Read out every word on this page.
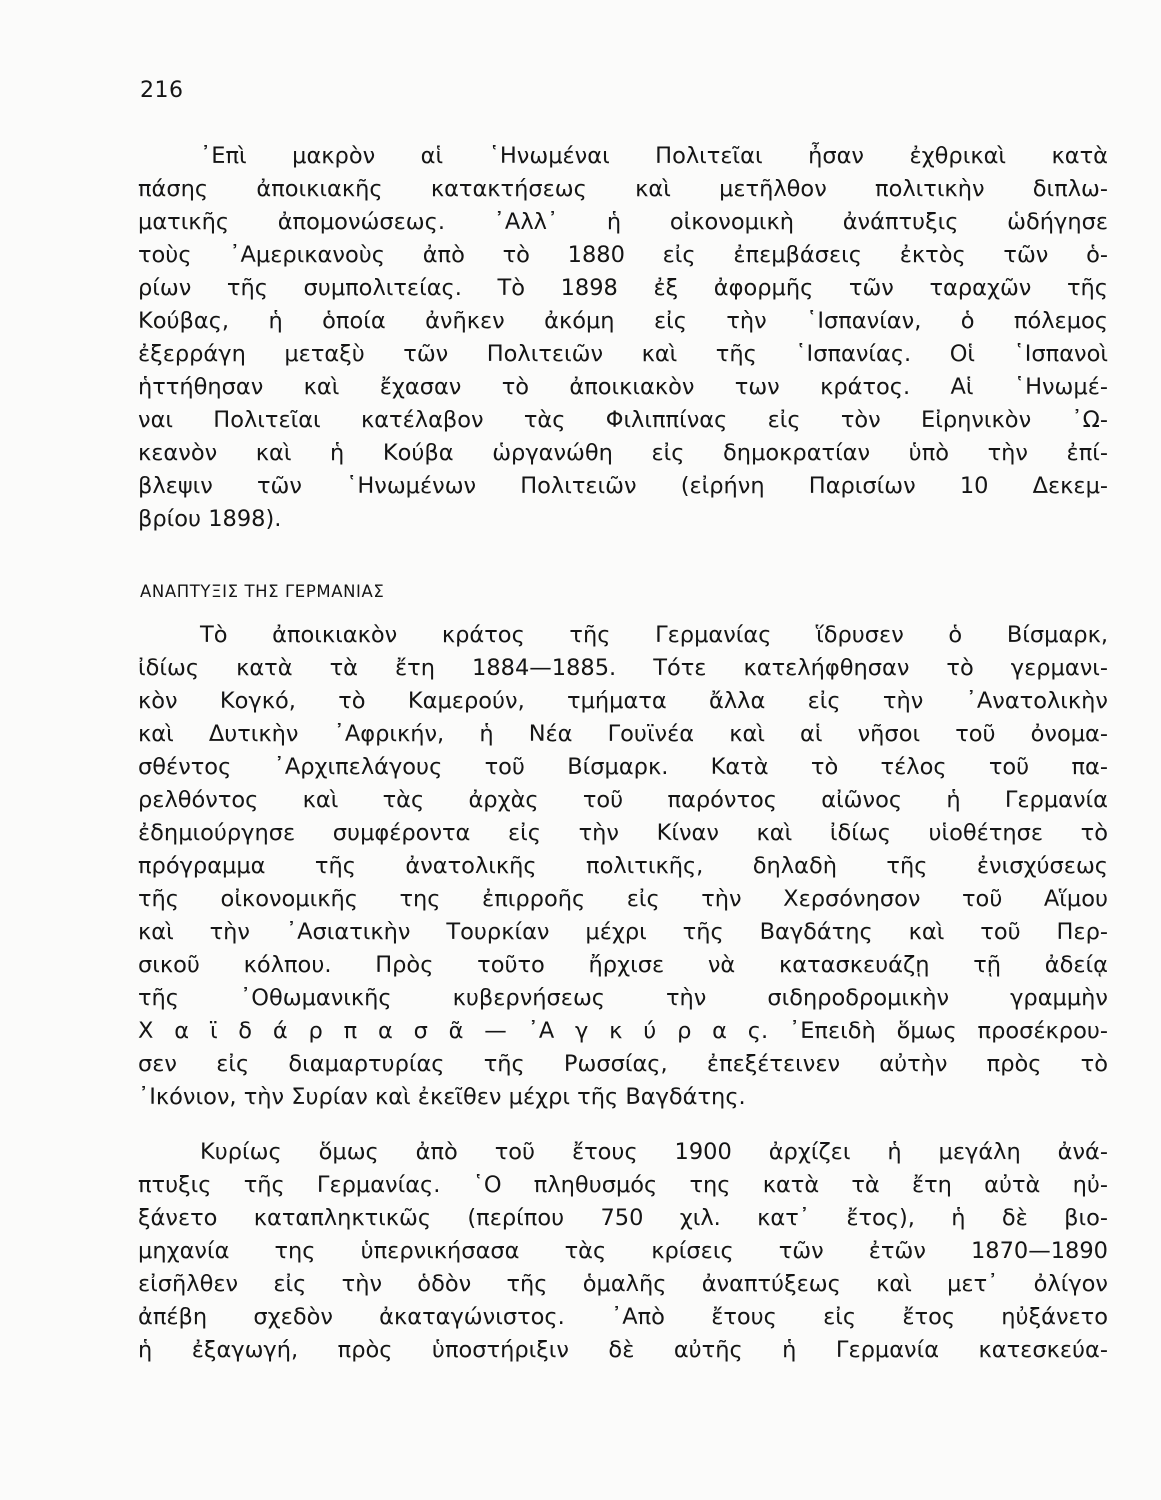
216
᾿Επὶ μακρὸν αἱ ῾Ηνωμέναι Πολιτεῖαι ἦσαν ἐχθρικαὶ κατὰ
πάσης ἀποικιακῆς κατακτήσεως καὶ μετῆλθον πολιτικὴν διπλω-
ματικῆς ἀπομονώσεως. ᾿Αλλ᾿ ἡ οἰκονομικὴ ἀνάπτυξις ὡδήγησε
τοὺς ᾿Αμερικανοὺς ἀπὸ τὸ 1880 εἰς ἐπεμβάσεις ἐκτὸς τῶν ὁ-
ρίων τῆς συμπολιτείας. Τὸ 1898 ἐξ ἀφορμῆς τῶν ταραχῶν τῆς
Κούβας, ἡ ὁποία ἀνῆκεν ἀκόμη εἰς τὴν ῾Ισπανίαν, ὁ πόλεμος
ἐξερράγη μεταξὺ τῶν Πολιτειῶν καὶ τῆς ῾Ισπανίας. Οἱ ῾Ισπανοὶ
ἡττήθησαν καὶ ἔχασαν τὸ ἀποικιακὸν των κράτος. Αἱ ῾Ηνωμέ-
ναι Πολιτεῖαι κατέλαβον τὰς Φιλιππίνας εἰς τὸν Εἰρηνικὸν ᾿Ω-
κεανὸν καὶ ἡ Κούβα ὡργανώθη εἰς δημοκρατίαν ὑπὸ τὴν ἐπί-
βλεψιν τῶν ῾Ηνωμένων Πολιτειῶν (εἰρήνη Παρισίων 10 Δεκεμ-
βρίου 1898).
ΑΝΑΠΤΥΞΙΣ ΤΗΣ ΓΕΡΜΑΝΙΑΣ
Τὸ ἀποικιακὸν κράτος τῆς Γερμανίας ἵδρυσεν ὁ Βίσμαρκ,
ἰδίως κατὰ τὰ ἔτη 1884—1885. Τότε κατελήφθησαν τὸ γερμανι-
κὸν Κογκό, τὸ Καμερούν, τμήματα ἄλλα εἰς τὴν ᾿Ανατολικὴν
καὶ Δυτικὴν ᾿Αφρικήν, ἡ Νέα Γουϊνέα καὶ αἱ νῆσοι τοῦ ὀνομα-
σθέντος ᾿Αρχιπελάγους τοῦ Βίσμαρκ. Κατὰ τὸ τέλος τοῦ πα-
ρελθόντος καὶ τὰς ἀρχὰς τοῦ παρόντος αἰῶνος ἡ Γερμανία
ἐδημιούργησε συμφέροντα εἰς τὴν Κίναν καὶ ἰδίως υἱοθέτησε τὸ
πρόγραμμα τῆς ἀνατολικῆς πολιτικῆς, δηλαδὴ τῆς ἐνισχύσεως
τῆς οἰκονομικῆς της ἐπιρροῆς εἰς τὴν Χερσόνησον τοῦ Αἵμου
καὶ τὴν ᾿Ασιατικὴν Τουρκίαν μέχρι τῆς Βαγδάτης καὶ τοῦ Περ-
σικοῦ κόλπου. Πρὸς τοῦτο ἤρχισε νὰ κατασκευάζῃ τῇ ἀδείᾳ
τῆς ᾿Οθωμανικῆς κυβερνήσεως τὴν σιδηροδρομικὴν γραμμὴν
Χ α ϊ δ ά ρ π α σ ᾶ — ᾿Α γ κ ύ ρ α ς. ᾿Επειδὴ ὅμως προσέκρου-
σεν εἰς διαμαρτυρίας τῆς Ρωσσίας, ἐπεξέτεινεν αὐτὴν πρὸς τὸ
᾿Ικόνιον, τὴν Συρίαν καὶ ἐκεῖθεν μέχρι τῆς Βαγδάτης.
Κυρίως ὅμως ἀπὸ τοῦ ἔτους 1900 ἀρχίζει ἡ μεγάλη ἀνά-
πτυξις τῆς Γερμανίας. ῾Ο πληθυσμός της κατὰ τὰ ἔτη αὐτὰ ηὐ-
ξάνετο καταπληκτικῶς (περίπου 750 χιλ. κατ᾿ ἔτος), ἡ δὲ βιο-
μηχανία της ὑπερνικήσασα τὰς κρίσεις τῶν ἐτῶν 1870—1890
εἰσῆλθεν εἰς τὴν ὁδὸν τῆς ὁμαλῆς ἀναπτύξεως καὶ μετ᾿ ὀλίγον
ἀπέβη σχεδὸν ἀκαταγώνιστος. ᾿Απὸ ἔτους εἰς ἔτος ηὐξάνετο
ἡ ἐξαγωγή, πρὸς ὑποστήριξιν δὲ αὐτῆς ἡ Γερμανία κατεσκεύα-
